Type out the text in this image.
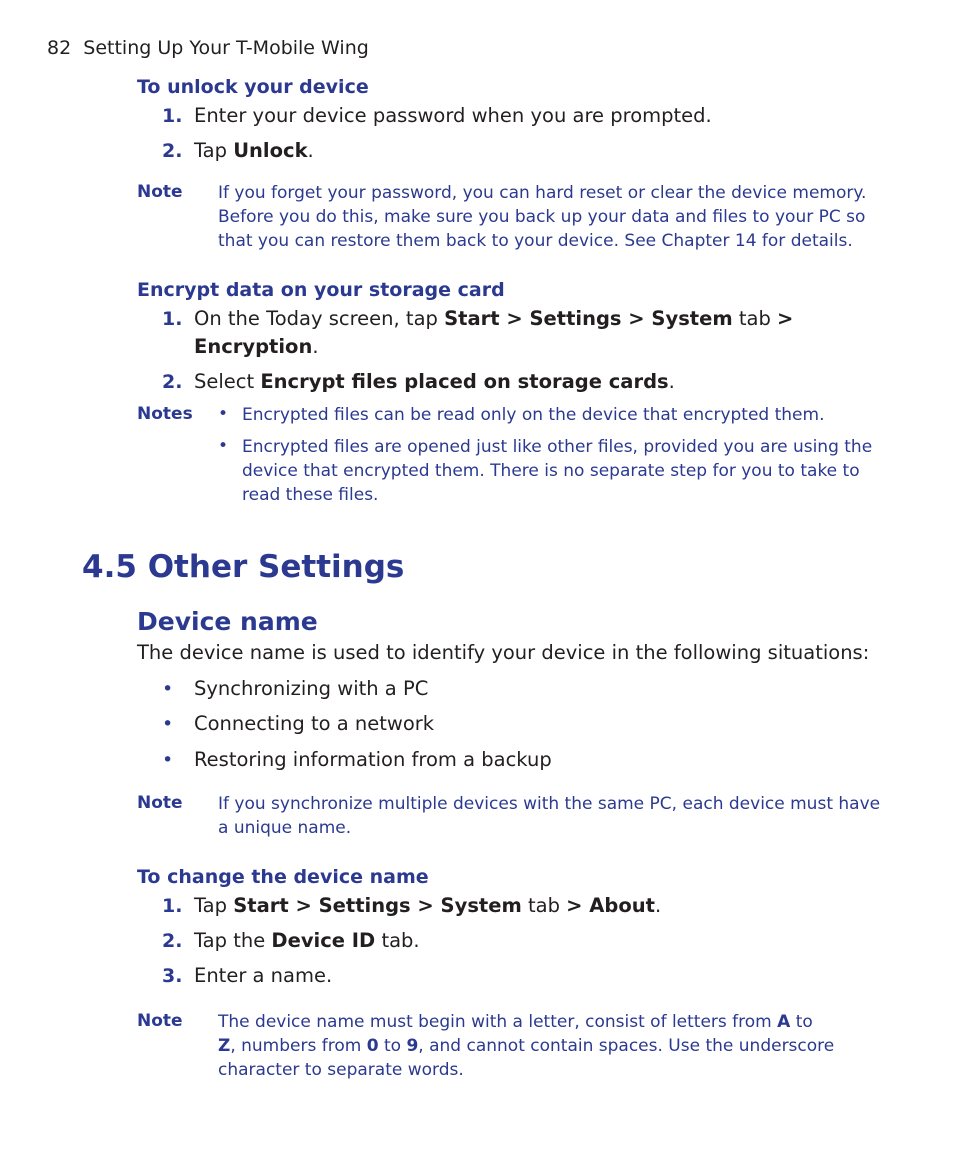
82 Setting Up Your T-Mobile Wing
To unlock your device
1. Enter your device password when you are prompted.
2. Tap Unlock.
Note If you forget your password, you can hard reset or clear the device memory.
Before you do this, make sure you back up your data and files to your PC so
that you can restore them back to your device. See Chapter 14 for details.
Encrypt data on your storage card
1. On the Today screen, tap Start > Settings > System tab >
Encryption.
2. Select Encrypt files placed on storage cards.
Notes • Encrypted files can be read only on the device that encrypted them.
• Encrypted files are opened just like other files, provided you are using the
device that encrypted them. There is no separate step for you to take to
read these files.
4.5 Other Settings
Device name
The device name is used to identify your device in the following situations:
• Synchronizing with a PC
• Connecting to a network
• Restoring information from a backup
Note If you synchronize multiple devices with the same PC, each device must have
a unique name.
To change the device name
1. Tap Start > Settings > System tab > About.
2. Tap the Device ID tab.
3. Enter a name.
Note The device name must begin with a letter, consist of letters from A to
Z, numbers from 0 to 9, and cannot contain spaces. Use the underscore
character to separate words.
